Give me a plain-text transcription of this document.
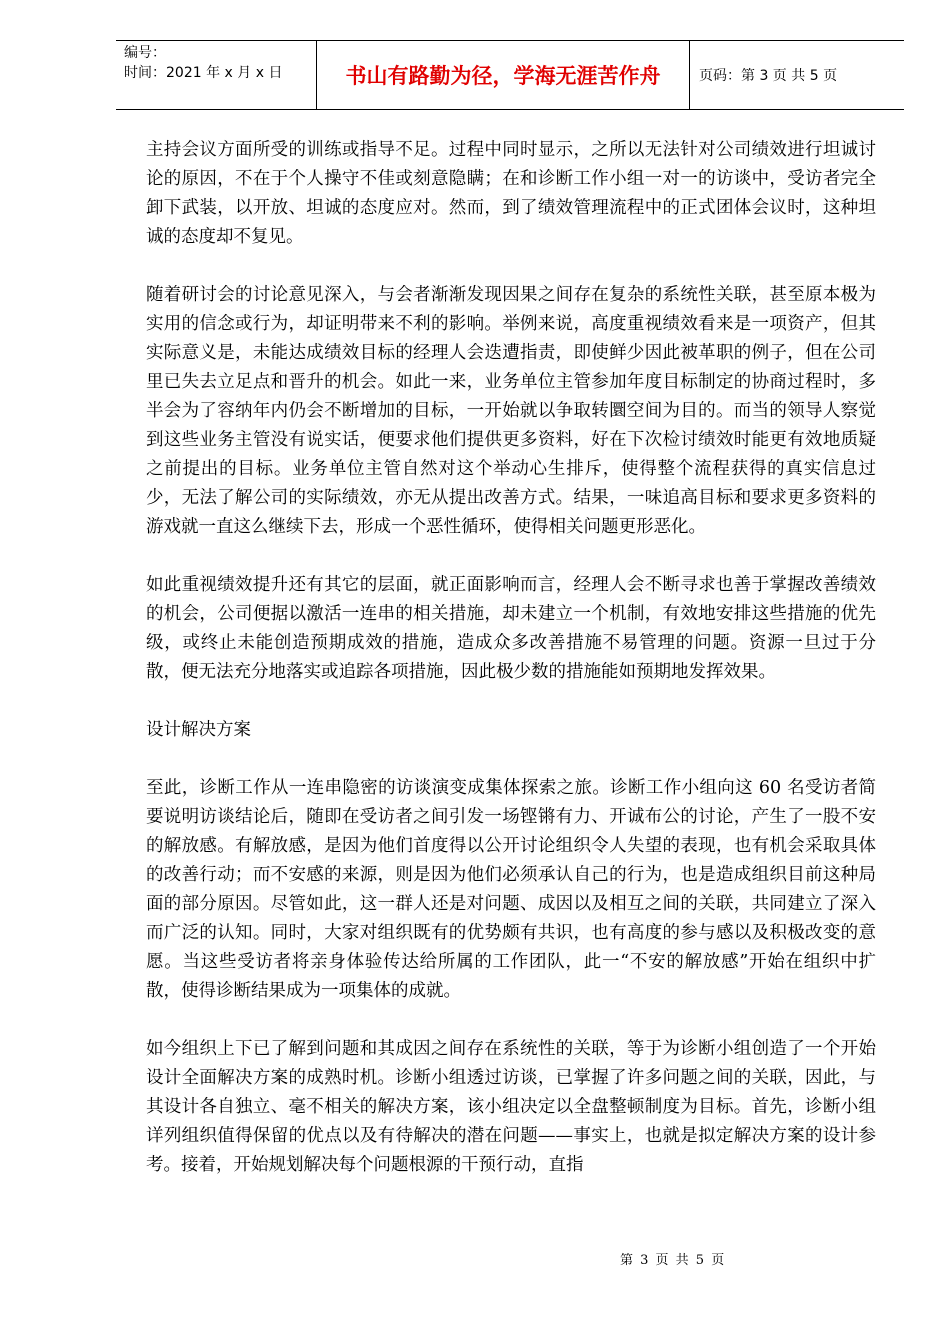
编号：
时间：2021 年 x 月 x 日	书山有路勤为径，学海无涯苦作舟	页码：第 3 页 共 5 页

主持会议方面所受的训练或指导不足。过程中同时显示，之所以无法针对公司绩效进行坦诚讨论的原因，不在于个人操守不佳或刻意隐瞒；在和诊断工作小组一对一的访谈中，受访者完全卸下武装，以开放、坦诚的态度应对。然而，到了绩效管理流程中的正式团体会议时，这种坦诚的态度却不复见。

随着研讨会的讨论意见深入，与会者渐渐发现因果之间存在复杂的系统性关联，甚至原本极为实用的信念或行为，却证明带来不利的影响。举例来说，高度重视绩效看来是一项资产，但其实际意义是，未能达成绩效目标的经理人会迭遭指责，即使鲜少因此被革职的例子，但在公司里已失去立足点和晋升的机会。如此一来，业务单位主管参加年度目标制定的协商过程时，多半会为了容纳年内仍会不断增加的目标，一开始就以争取转圜空间为目的。而当的领导人察觉到这些业务主管没有说实话，便要求他们提供更多资料，好在下次检讨绩效时能更有效地质疑之前提出的目标。业务单位主管自然对这个举动心生排斥，使得整个流程获得的真实信息过少，无法了解公司的实际绩效，亦无从提出改善方式。结果，一味追高目标和要求更多资料的游戏就一直这么继续下去，形成一个恶性循环，使得相关问题更形恶化。

如此重视绩效提升还有其它的层面，就正面影响而言，经理人会不断寻求也善于掌握改善绩效的机会，公司便据以激活一连串的相关措施，却未建立一个机制，有效地安排这些措施的优先级，或终止未能创造预期成效的措施，造成众多改善措施不易管理的问题。资源一旦过于分散，便无法充分地落实或追踪各项措施，因此极少数的措施能如预期地发挥效果。

设计解决方案

至此，诊断工作从一连串隐密的访谈演变成集体探索之旅。诊断工作小组向这 60 名受访者简要说明访谈结论后，随即在受访者之间引发一场铿锵有力、开诚布公的讨论，产生了一股不安的解放感。有解放感，是因为他们首度得以公开讨论组织令人失望的表现，也有机会采取具体的改善行动；而不安感的来源，则是因为他们必须承认自己的行为，也是造成组织目前这种局面的部分原因。尽管如此，这一群人还是对问题、成因以及相互之间的关联，共同建立了深入而广泛的认知。同时，大家对组织既有的优势颇有共识，也有高度的参与感以及积极改变的意愿。当这些受访者将亲身体验传达给所属的工作团队，此一“不安的解放感”开始在组织中扩散，使得诊断结果成为一项集体的成就。

如今组织上下已了解到问题和其成因之间存在系统性的关联，等于为诊断小组创造了一个开始设计全面解决方案的成熟时机。诊断小组透过访谈，已掌握了许多问题之间的关联，因此，与其设计各自独立、毫不相关的解决方案，该小组决定以全盘整顿制度为目标。首先，诊断小组详列组织值得保留的优点以及有待解决的潜在问题——事实上，也就是拟定解决方案的设计参考。接着，开始规划解决每个问题根源的干预行动，直指

第 3 页 共 5 页
